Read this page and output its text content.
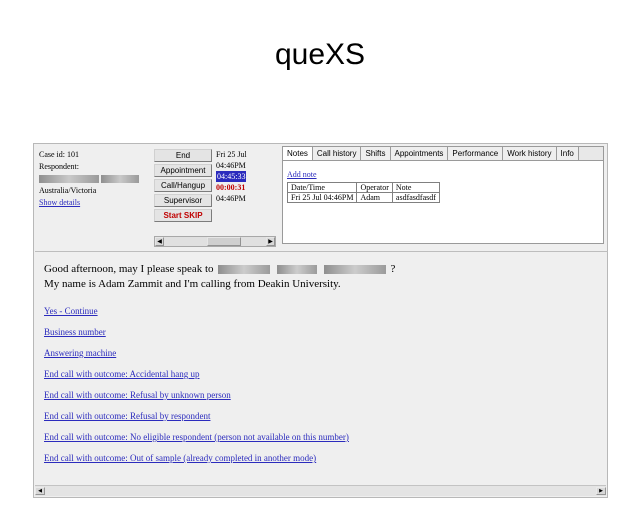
queXS
Case id: 101
Respondent:

Australia/Victoria
Show details
End
Appointment
Call/Hangup
Supervisor
Start SKIP
Fri 25 Jul
04:46PM
04:45:33
00:00:31
04:46PM
◀	▶
Notes	Call history	Shifts	Appointments	Performance	Work history	Info
Add note
Date/Time	Operator	Note
Fri 25 Jul 04:46PM	Adam	asdfasdfasdf
Good afternoon, may I please speak to	?
My name is Adam Zammit and I'm calling from Deakin University.
Yes - Continue
Business number
Answering machine
End call with outcome: Accidental hang up
End call with outcome: Refusal by unknown person
End call with outcome: Refusal by respondent
End call with outcome: No eligible respondent (person not available on this number)
End call with outcome: Out of sample (already completed in another mode)
◀	▶
